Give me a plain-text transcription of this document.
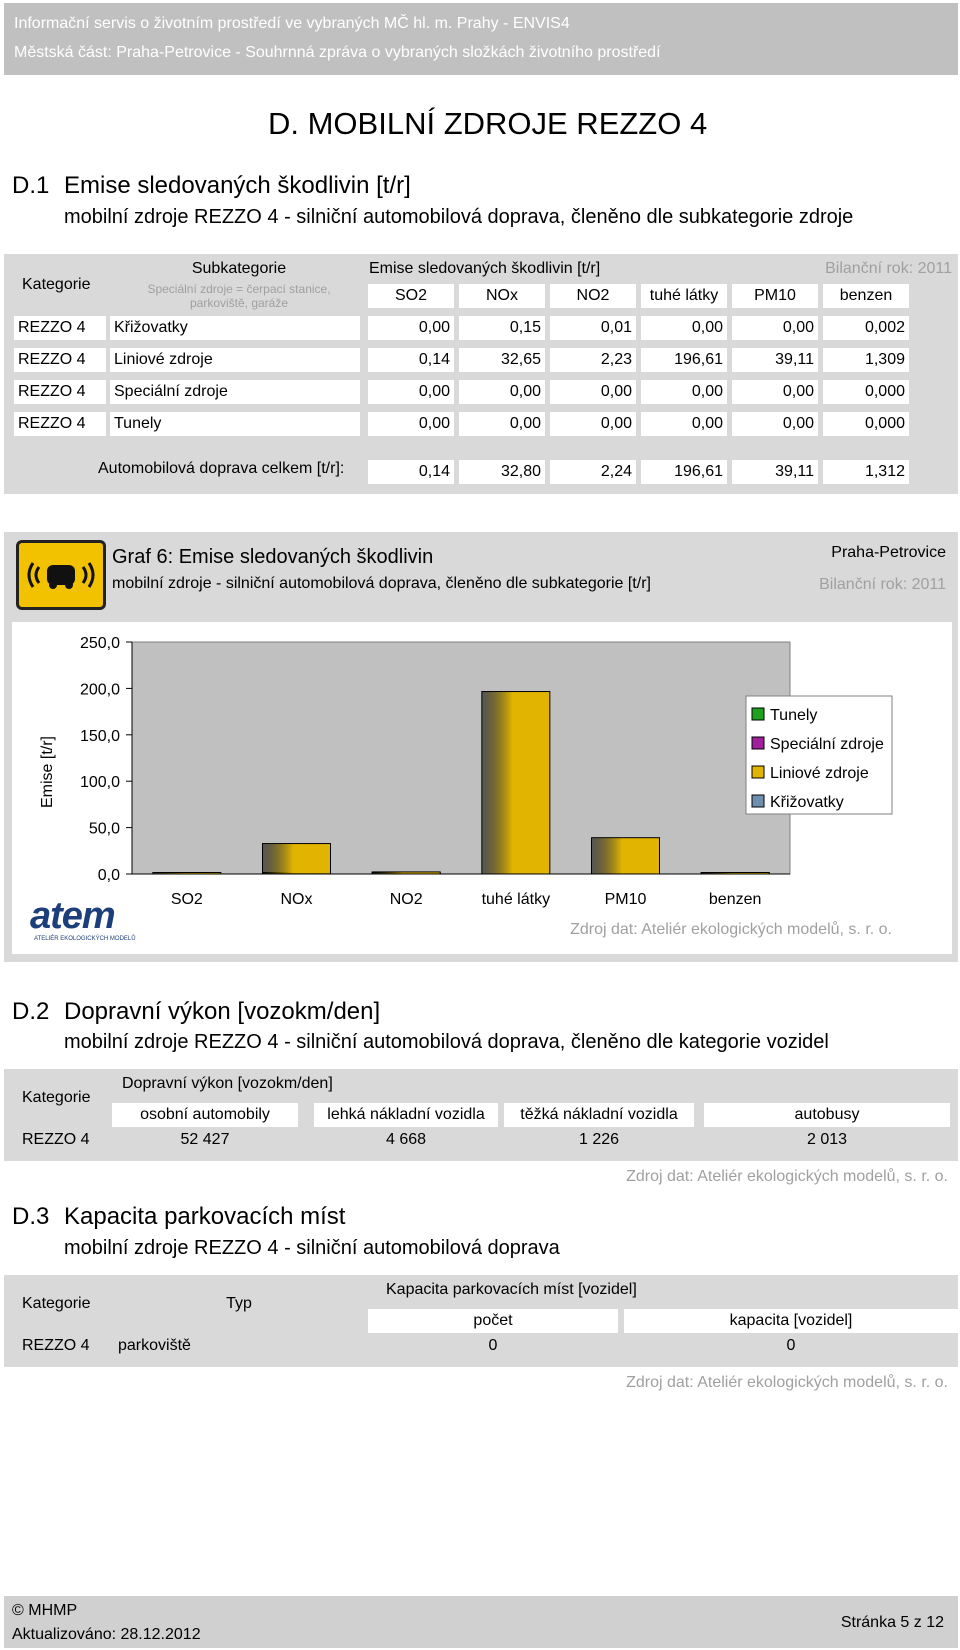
Informační servis o životním prostředí ve vybraných MČ hl. m. Prahy - ENVIS4
Městská část: Praha-Petrovice - Souhrnná zpráva o vybraných složkách životního prostředí
D. MOBILNÍ ZDROJE REZZO 4
D.1 Emise sledovaných škodlivin [t/r]
mobilní zdroje REZZO 4 - silniční automobilová doprava, členěno dle subkategorie zdroje
Kategorie
Subkategorie
Speciální zdroje = čerpací stanice, parkoviště, garáže
Emise sledovaných škodlivin [t/r]	Bilanční rok: 2011
SO2	NOx	NO2	tuhé látky	PM10	benzen
REZZO 4	Křižovatky	0,00	0,15	0,01	0,00	0,00	0,002
REZZO 4	Liniové zdroje	0,14	32,65	2,23	196,61	39,11	1,309
REZZO 4	Speciální zdroje	0,00	0,00	0,00	0,00	0,00	0,000
REZZO 4	Tunely	0,00	0,00	0,00	0,00	0,00	0,000
Automobilová doprava celkem [t/r]:	0,14	32,80	2,24	196,61	39,11	1,312
Graf 6: Emise sledovaných škodlivin
mobilní zdroje - silniční automobilová doprava, členěno dle subkategorie [t/r]
Praha-Petrovice
Bilanční rok: 2011
0,0
50,0
100,0
150,0
200,0
250,0
Emise [t/r]
SO2	NOx	NO2	tuhé látky	PM10	benzen
Tunely
Speciální zdroje
Liniové zdroje
Křižovatky
atem
ATELIÉR EKOLOGICKÝCH MODELŮ
Zdroj dat: Ateliér ekologických modelů, s. r. o.
D.2 Dopravní výkon [vozokm/den]
mobilní zdroje REZZO 4 - silniční automobilová doprava, členěno dle kategorie vozidel
Kategorie
Dopravní výkon [vozokm/den]
osobní automobily	lehká nákladní vozidla	těžká nákladní vozidla	autobusy
REZZO 4	52 427	4 668	1 226	2 013
Zdroj dat: Ateliér ekologických modelů, s. r. o.
D.3 Kapacita parkovacích míst
mobilní zdroje REZZO 4 - silniční automobilová doprava
Kategorie	Typ
Kapacita parkovacích míst [vozidel]
počet	kapacita [vozidel]
REZZO 4 parkoviště	0	0
Zdroj dat: Ateliér ekologických modelů, s. r. o.
© MHMP
Aktualizováno: 28.12.2012
Stránka 5 z 12
